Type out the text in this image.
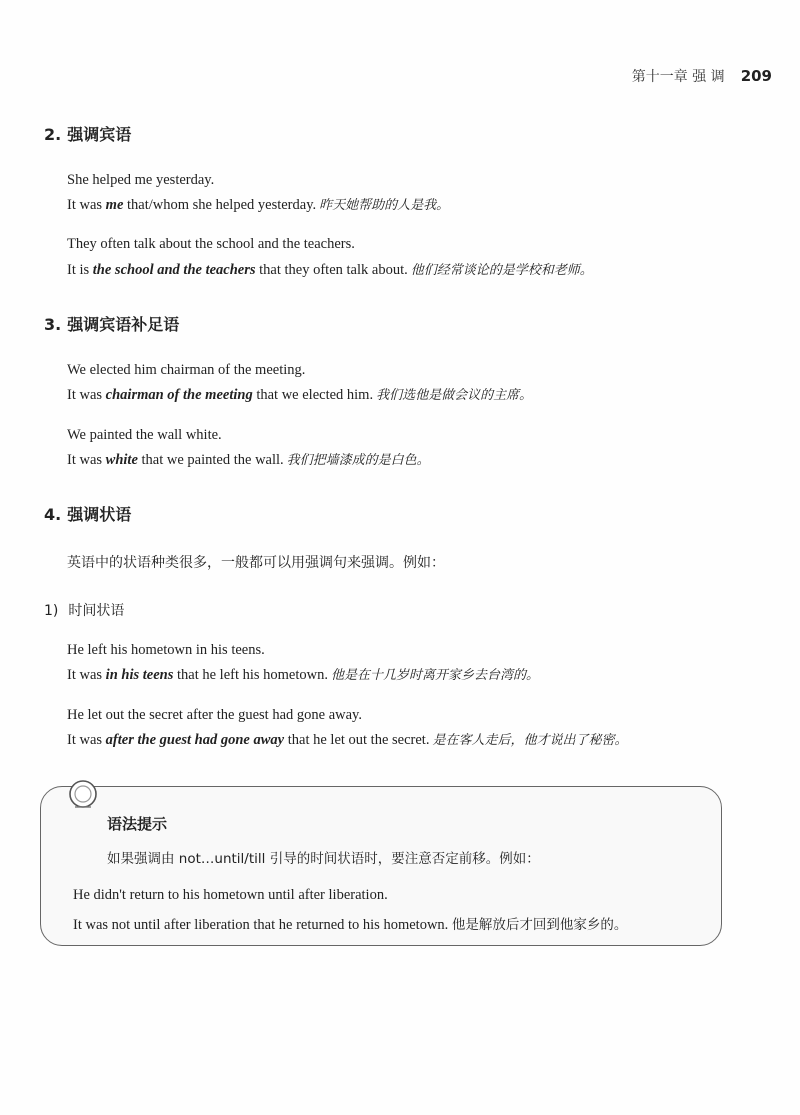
第十一章 强 调 209
2. 强调宾语
She helped me yesterday.
It was me that/whom she helped yesterday. 昨天她帮助的人是我。
They often talk about the school and the teachers.
It is the school and the teachers that they often talk about. 他们经常谈论的是学校和老师。
3. 强调宾语补足语
We elected him chairman of the meeting.
It was chairman of the meeting that we elected him. 我们选他是做会议的主席。
We painted the wall white.
It was white that we painted the wall. 我们把墙漆成的是白色。
4. 强调状语
英语中的状语种类很多，一般都可以用强调句来强调。例如：
1) 时间状语
He left his hometown in his teens.
It was in his teens that he left his hometown. 他是在十几岁时离开家乡去台湾的。
He let out the secret after the guest had gone away.
It was after the guest had gone away that he let out the secret. 是在客人走后，他才说出了秘密。
语法提示
如果强调由 not…until/till 引导的时间状语时，要注意否定前移。例如：
He didn't return to his hometown until after liberation.
It was not until after liberation that he returned to his hometown. 他是解放后才回到他家乡的。
